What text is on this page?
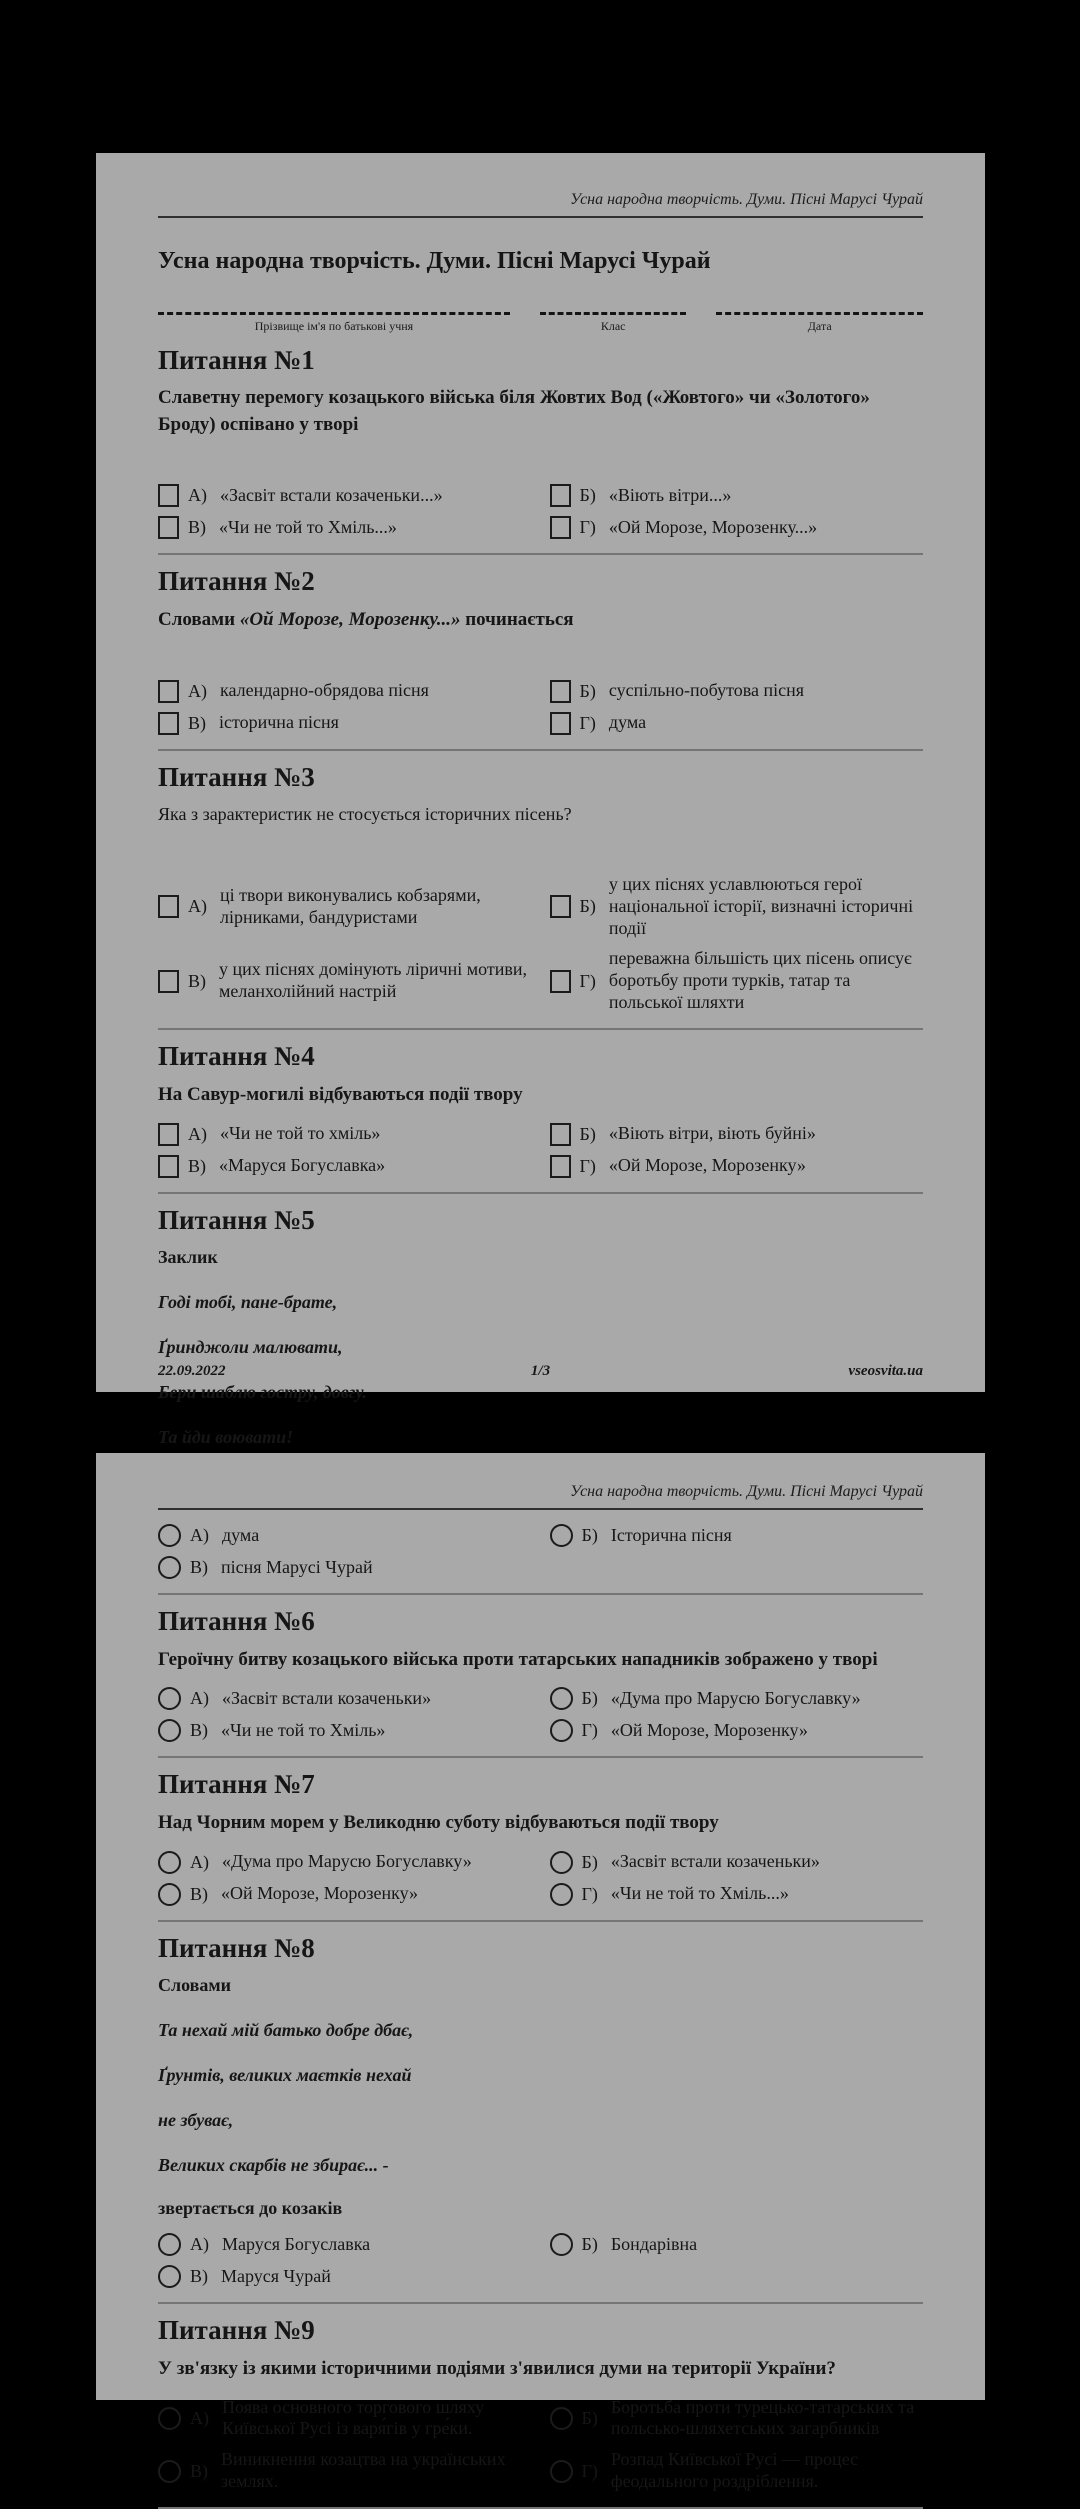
Усна народна творчість. Думи. Пісні Марусі Чурай
Усна народна творчість. Думи. Пісні Марусі Чурай
Прізвище ім'я по батькові учня	Клас	Дата
Питання №1

Славетну перемогу козацького війська біля Жовтих Вод («Жовтого» чи «Золотого» Броду) оспівано у творі

А) «Засвіт встали козаченьки...»	Б) «Віють вітри...»
В) «Чи не той то Хміль...»	Г) «Ой Морозе, Морозенку...»
Питання №2

Словами «Ой Морозе, Морозенку...» починається

А) календарно-обрядова пісня	Б) суспільно-побутова пісня
В) історична пісня	Г) дума
Питання №3

Яка з зарактеристик не стосується історичних пісень?

А)
ці твори виконувались кобзарями, лірниками, бандуристами
Б)
у цих піснях уславлюються герої національної історії, визначні історичні події
В)
у цих піснях домінують ліричні мотиви, меланхолійний настрій
Г)
переважна більшість цих пісень описує боротьбу проти турків, татар та польської шляхти
Питання №4

На Савур-могилі відбуваються події твору

А) «Чи не той то хміль»	Б) «Віють вітри, віють буйні»
В) «Маруся Богуславка»	Г) «Ой Морозе, Морозенку»
Питання №5

Заклик

Годі тобі, пане-брате,

Ґринджоли малювати,

Бери шаблю гостру, довгу.

Та йди воювати!

22.09.2022	1/3	vseosvita.ua
Усна народна творчість. Думи. Пісні Марусі Чурай
А) дума	Б) Історична пісня
В) пісня Марусі Чурай
Питання №6

Героїчну битву козацького війська проти татарських нападників зображено у творі

А) «Засвіт встали козаченьки»	Б) «Дума про Марусю Богуславку»
В) «Чи не той то Хміль»	Г) «Ой Морозе, Морозенку»
Питання №7

Над Чорним морем у Великодню суботу відбуваються події твору

А) «Дума про Марусю Богуславку»	Б) «Засвіт встали козаченьки»
В) «Ой Морозе, Морозенку»	Г) «Чи не той то Хміль...»
Питання №8

Словами

Та нехай мій батько добре дбає,

Ґрунтів, великих маєтків нехай

не збуває,

Великих скарбів не збирає... -

звертається до козаків

А) Маруся Богуславка	Б) Бондарівна
В) Маруся Чурай
Питання №9

У зв'язку із якими історичними подіями з'явилися думи на території України?

А)
Поява основного торгового шляху Київської Русі із варя́гів у гре́ки.
Б)
Боротьба проти турецько-татарських та польсько-шляхетських загарбників
В)
Виникнення козацтва на українських землях.
Г)
Розпад Київської Русі — процес феодального роздріблення.
